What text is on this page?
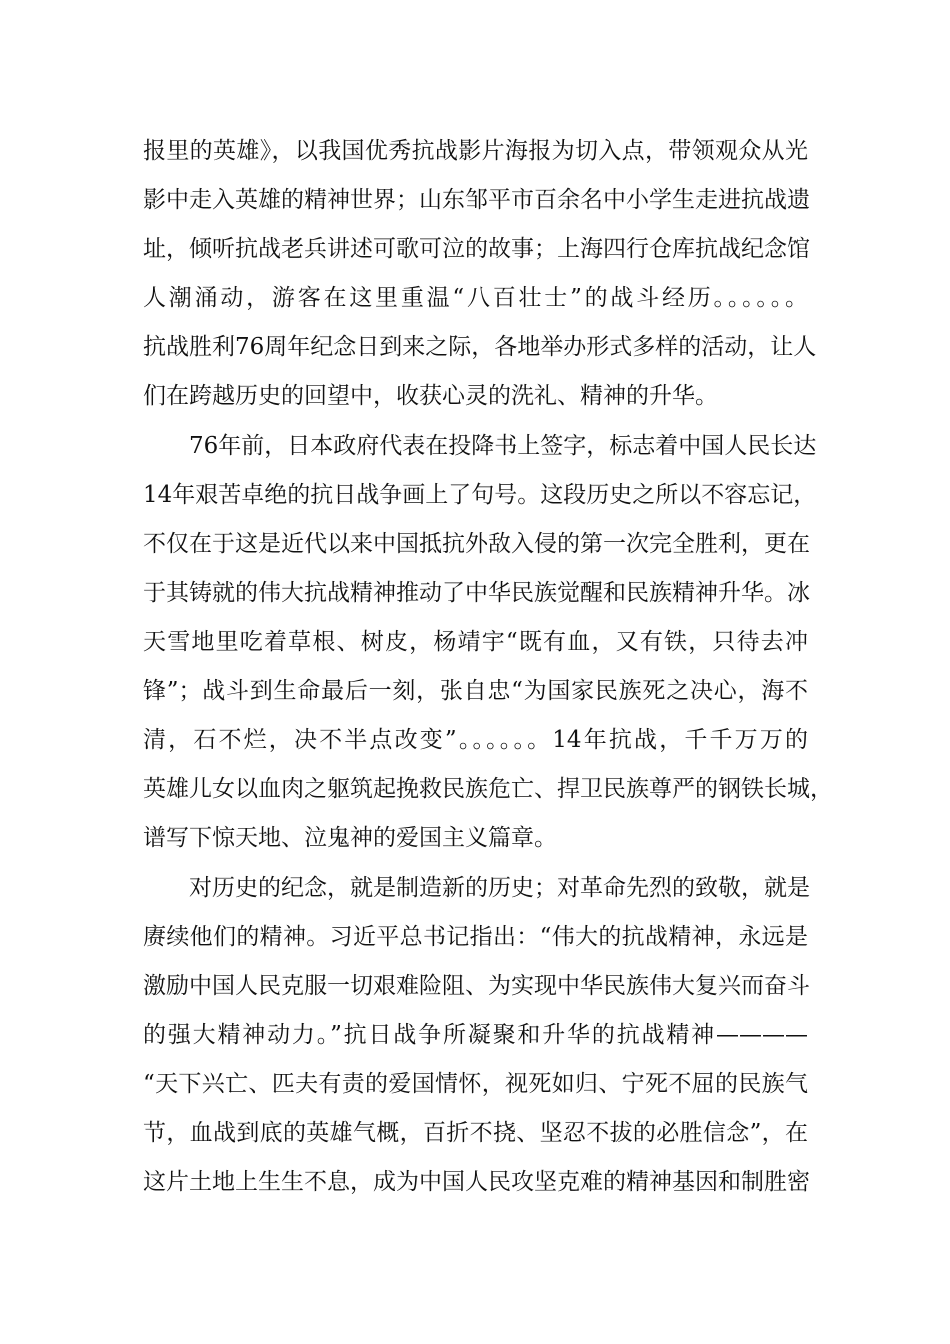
报里的英雄》，以我国优秀抗战影片海报为切入点，带领观众从光
影中走入英雄的精神世界；山东邹平市百余名中小学生走进抗战遗
址，倾听抗战老兵讲述可歌可泣的故事；上海四行仓库抗战纪念馆
人潮涌动，游客在这里重温“八百壮士”的战斗经历。。。。。。
抗战胜利76周年纪念日到来之际，各地举办形式多样的活动，让人
们在跨越历史的回望中，收获心灵的洗礼、精神的升华。
76年前，日本政府代表在投降书上签字，标志着中国人民长达
14年艰苦卓绝的抗日战争画上了句号。这段历史之所以不容忘记，
不仅在于这是近代以来中国抵抗外敌入侵的第一次完全胜利，更在
于其铸就的伟大抗战精神推动了中华民族觉醒和民族精神升华。冰
天雪地里吃着草根、树皮，杨靖宇“既有血，又有铁，只待去冲
锋”；战斗到生命最后一刻，张自忠“为国家民族死之决心，海不
清，石不烂，决不半点改变”。。。。。。14年抗战，千千万万的
英雄儿女以血肉之躯筑起挽救民族危亡、捍卫民族尊严的钢铁长城，
谱写下惊天地、泣鬼神的爱国主义篇章。
对历史的纪念，就是制造新的历史；对革命先烈的致敬，就是
赓续他们的精神。习近平总书记指出：“伟大的抗战精神，永远是
激励中国人民克服一切艰难险阻、为实现中华民族伟大复兴而奋斗
的强大精神动力。”抗日战争所凝聚和升华的抗战精神————
“天下兴亡、匹夫有责的爱国情怀，视死如归、宁死不屈的民族气
节，血战到底的英雄气概，百折不挠、坚忍不拔的必胜信念”，在
这片土地上生生不息，成为中国人民攻坚克难的精神基因和制胜密
